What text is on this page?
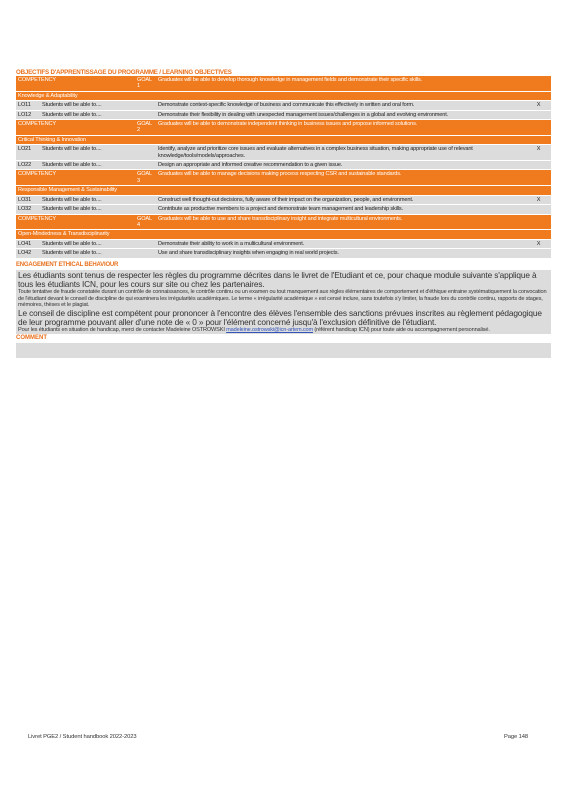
OBJECTIFS D'APPRENTISSAGE DU PROGRAMME / LEARNING OBJECTIVES
COMPETENCY		GOAL 1	Graduates will be able to develop thorough knowledge in management fields and demonstrate their specific skills.	
Knowledge & Adaptability				
LO11	Students will be able to....		Demonstrate context-specific knowledge of business and communicate this effectively in written and oral form.	X
LO12	Students will be able to....		Demonstrate their flexibility in dealing with unexpected management issues/challenges in a global and evolving environment.	
COMPETENCY		GOAL 2	Graduates will be able to demonstrate independent thinking in business issues and propose informed solutions.	
Critical Thinking & Innovation				
LO21	Students will be able to....		Identify, analyze and prioritize core issues and evaluate alternatives in a complex business situation, making appropriate use of relevant knowledge/tools/models/approaches.	X
LO22	Students will be able to....		Design an appropriate and informed creative recommendation to a given issue.	
COMPETENCY		GOAL 3	Graduates will be able to manage decisions making process respecting CSR and sustainable standards.	
Responsible Management & Sustainability				
LO31	Students will be able to....		Construct well thought-out decisions, fully aware of their impact on the organization, people, and environment.	X
LO32	Students will be able to....		Contribute as productive members to a project and demonstrate team management and leadership skills.	
COMPETENCY		GOAL 4	Graduates will be able to use and share transdisciplinary insight and integrate multicultural environments.	
Open-Mindedness & Transdisciplinarity				
LO41	Students will be able to....		Demonstrate their ability to work in a multicultural environment.	X
LO42	Students will be able to....		Use and share transdisciplinary insights when engaging in real world projects.	
ENGAGEMENT ETHICAL BEHAVIOUR

Les étudiants sont tenus de respecter les règles du programme décrites dans le livret de l'Etudiant et ce, pour chaque module suivante s'applique à tous les étudiants ICN, pour les cours sur site ou chez les partenaires.

Toute tentative de fraude constatée durant un contrôle de connaissances, le contrôle continu ou un examen ou tout manquement aux règles élémentaires de comportement et d'éthique entraine systématiquement la convocation de l'étudiant devant le conseil de discipline de qui examinera les irrégularités académiques. Le terme « irrégularité académique » est censé inclure, sans toutefois s'y limiter, la fraude lors du contrôle continu, rapports de stages, mémoires, thèses et le plagiat.

Le conseil de discipline est compétent pour prononcer à l'encontre des élèves l'ensemble des sanctions prévues inscrites au règlement pédagogique de leur programme pouvant aller d'une note de « 0 » pour l'élément concerné jusqu'à l'exclusion définitive de l'étudiant.

Pour les étudiants en situation de handicap, merci de contacter Madeleine OSTROWSKI madeleine.ostrowski@icn-artem.com (référent handicap ICN) pour toute aide ou accompagnement personnalisé.

COMMENT
Livret PGE2 / Student handbook 2022-2023	Page 148
